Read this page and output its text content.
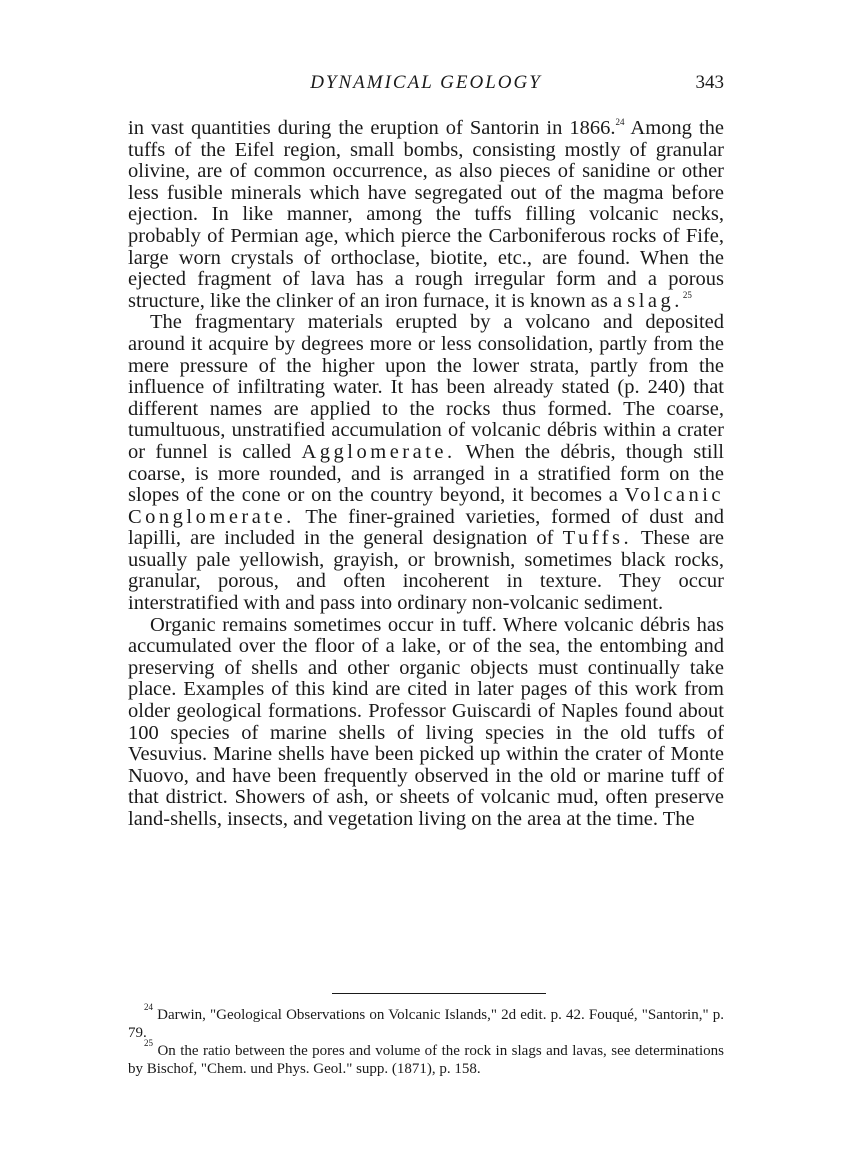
DYNAMICAL GEOLOGY	343

in vast quantities during the eruption of Santorin in 1866.24 Among the tuffs of the Eifel region, small bombs, consisting mostly of granular olivine, are of common occurrence, as also pieces of sanidine or other less fusible minerals which have segregated out of the magma before ejection. In like manner, among the tuffs filling volcanic necks, probably of Permian age, which pierce the Carboniferous rocks of Fife, large worn crystals of orthoclase, biotite, etc., are found. When the ejected fragment of lava has a rough irregular form and a porous structure, like the clinker of an iron furnace, it is known as a slag.$^{25}$

The fragmentary materials erupted by a volcano and deposited around it acquire by degrees more or less consolidation, partly from the mere pressure of the higher upon the lower strata, partly from the influence of infiltrating water. It has been already stated (p. 240) that different names are applied to the rocks thus formed. The coarse, tumultuous, unstratified accumulation of volcanic débris within a crater or funnel is called Agglomerate. When the débris, though still coarse, is more rounded, and is arranged in a stratified form on the slopes of the cone or on the country beyond, it becomes a Volcanic Conglomerate. The finer-grained varieties, formed of dust and lapilli, are included in the general designation of Tuffs. These are usually pale yellowish, grayish, or brownish, sometimes black rocks, granular, porous, and often incoherent in texture. They occur interstratified with and pass into ordinary non-volcanic sediment.

Organic remains sometimes occur in tuff. Where volcanic débris has accumulated over the floor of a lake, or of the sea, the entombing and preserving of shells and other organic objects must continually take place. Examples of this kind are cited in later pages of this work from older geological formations. Professor Guiscardi of Naples found about 100 species of marine shells of living species in the old tuffs of Vesuvius. Marine shells have been picked up within the crater of Monte Nuovo, and have been frequently observed in the old or marine tuff of that district. Showers of ash, or sheets of volcanic mud, often preserve land-shells, insects, and vegetation living on the area at the time. The

$^{24}$ Darwin, "Geological Observations on Volcanic Islands," 2d edit. p. 42. Fouqué, "Santorin," p. 79.

$^{25}$ On the ratio between the pores and volume of the rock in slags and lavas, see determinations by Bischof, "Chem. und Phys. Geol." supp. (1871), p. 158.
